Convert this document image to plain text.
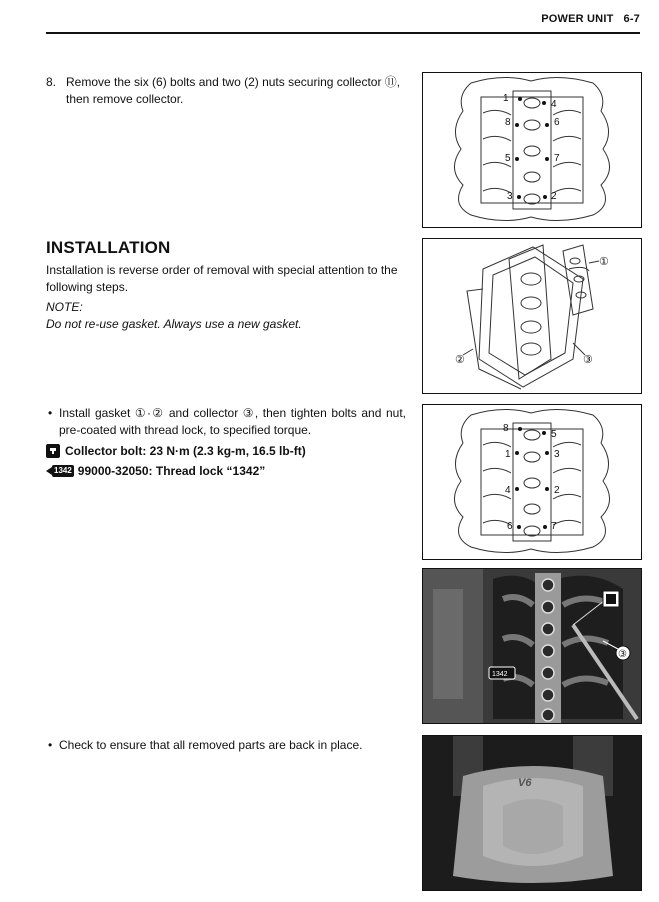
POWER UNIT 6-7
8. Remove the six (6) bolts and two (2) nuts securing collector ⑪, then remove collector.	1
4
8	6
5	7
3	2
INSTALLATION
Installation is reverse order of removal with special attention to the following steps.
NOTE:
Do not re-use gasket. Always use a new gasket.
①
②	③
• Install gasket ①·② and collector ③, then tighten bolts and nut, pre-coated with thread lock, to specified torque.
Collector bolt: 23 N·m (2.3 kg-m, 16.5 lb-ft)
1342 99000-32050: Thread lock “1342”
8
5
1	3
4	2
6	7
③
1342
• Check to ensure that all removed parts are back in place.
V6
